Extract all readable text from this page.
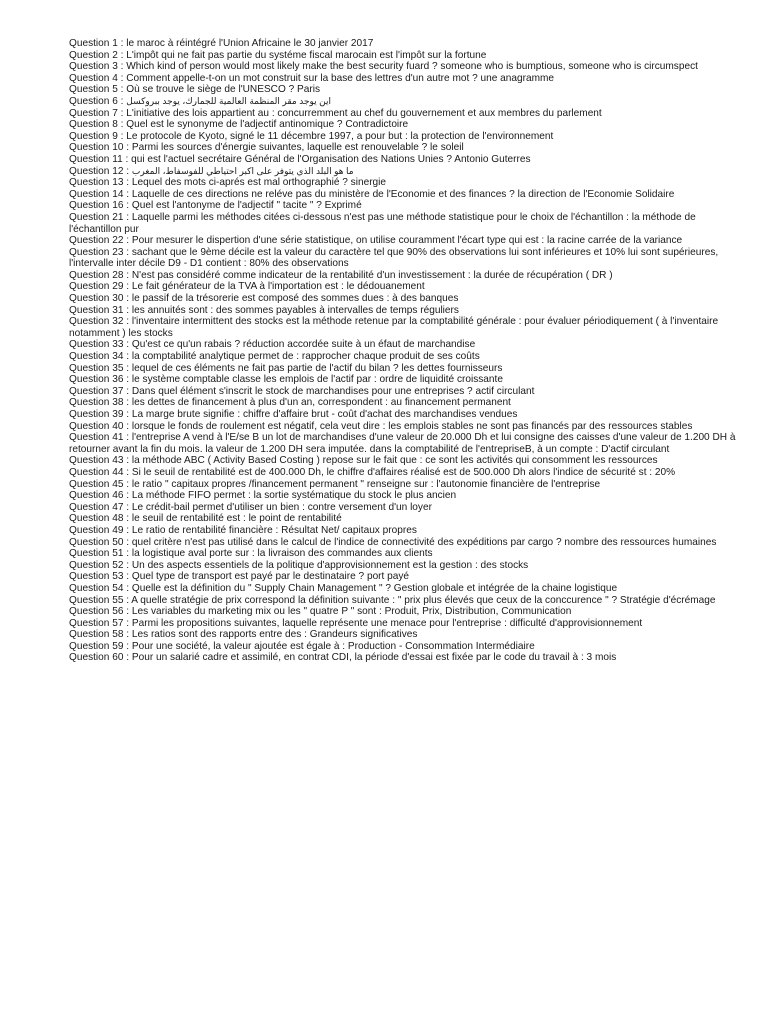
Question 1 : le maroc à réintégré l'Union Africaine le 30 janvier 2017

Question 2 : L'impôt qui ne fait pas partie du systéme fiscal marocain est l'impôt sur la fortune

Question 3 : Which kind of person would most likely make the best security fuard ? someone who is bumptious, someone who is circumspect

Question 4 : Comment appelle-t-on un mot construit sur la base des lettres d'un autre mot ? une anagramme

Question 5 : Où se trouve le siège de l'UNESCO ? Paris

Question 6 : اين يوجد مقر المنظمة العالمية للجمارك، يوجد ببروكسل

Question 7 : L'initiative des lois appartient au : concurremment au chef du gouvernement et aux membres du parlement

Question 8 : Quel est le synonyme de l'adjectif antinomique ? Contradictoire

Question 9 : Le protocole de Kyoto, signé le 11 décembre 1997, a pour but : la protection de l'environnement

Question 10 : Parmi les sources d'énergie suivantes, laquelle est renouvelable ? le soleil

Question 11 : qui est l'actuel secrétaire Général de l'Organisation des Nations Unies ? Antonio Guterres

Question 12 : ما هو البلد الذي يتوفر على اكبر احتياطي للفوسفاط، المغرب

Question 13 : Lequel des mots ci-aprés est mal orthographié ? sinergie

Question 14 : Laquelle de ces directions ne reléve pas du ministère de l'Economie et des finances ? la direction de l'Economie Solidaire

Question 16 : Quel est l'antonyme de l'adjectif " tacite " ? Exprimé

Question 21 : Laquelle parmi les méthodes citées ci-dessous n'est pas une méthode statistique pour le choix de l'échantillon : la méthode de l'échantillon pur

Question 22 : Pour mesurer le dispertion d'une série statistique, on utilise couramment l'écart type qui est : la racine carrée de la variance

Question 23 : sachant que le 9ème décile est la valeur du caractère tel que 90% des observations lui sont inférieures et 10% lui sont supérieures, l'intervalle inter décile D9 - D1 contient : 80% des observations

Question 28 : N'est pas considéré comme indicateur de la rentabilité d'un investissement : la durée de récupération ( DR )

Question 29 : Le fait générateur de la TVA à l'importation est : le dédouanement

Question 30 : le passif de la trésorerie est composé des sommes dues : à des banques

Question 31 : les annuités sont : des sommes payables à intervalles de temps réguliers

Question 32 : l'inventaire intermittent des stocks est la méthode retenue par la comptabilité générale : pour évaluer périodiquement ( à l'inventaire notamment ) les stocks

Question 33 : Qu'est ce qu'un rabais ? réduction accordée suite à un éfaut de marchandise

Question 34 : la comptabilité analytique permet de : rapprocher chaque produit de ses coûts

Question 35 : lequel de ces éléments ne fait pas partie de l'actif du bilan ? les dettes fournisseurs

Question 36 : le système comptable classe les emplois de l'actif par : ordre de liquidité croissante

Question 37 : Dans quel élément s'inscrit le stock de marchandises pour une entreprises ? actif circulant

Question 38 : les dettes de financement à plus d'un an, correspondent : au financement permanent

Question 39 : La marge brute signifie : chiffre d'affaire brut - coût d'achat des marchandises vendues

Question 40 : lorsque le fonds de roulement est négatif, cela veut dire : les emplois stables ne sont pas financés par des ressources stables

Question 41 : l'entreprise A vend à l'E/se B un lot de marchandises d'une valeur de 20.000 Dh et lui consigne des caisses d'une valeur de 1.200 DH à retourner avant la fin du mois. la valeur de 1.200 DH sera imputée. dans la comptabilité de l'entrepriseB, à un compte : D'actif circulant

Question 43 : la méthode ABC ( Activity Based Costing ) repose sur le fait que : ce sont les activités qui consomment les ressources

Question 44 : Si le seuil de rentabilité est de 400.000 Dh, le chiffre d'affaires réalisé est de 500.000 Dh alors l'indice de sécurité st : 20%

Question 45 : le ratio " capitaux propres /financement permanent " renseigne sur : l'autonomie financière de l'entreprise

Question 46 : La méthode FIFO permet : la sortie systématique du stock le plus ancien

Question 47 : Le crédit-bail permet d'utiliser un bien : contre versement d'un loyer

Question 48 : le seuil de rentabilité est : le point de rentabilité

Question 49 : Le ratio de rentabilité financière : Résultat Net/ capitaux propres

Question 50 : quel critère n'est pas utilisé dans le calcul de l'indice de connectivité des expéditions par cargo ? nombre des ressources humaines

Question 51 : la logistique aval porte sur : la livraison des commandes aux clients

Question 52 : Un des aspects essentiels de la politique d'approvisionnement est la gestion : des stocks

Question 53 : Quel type de transport est payé par le destinataire ? port payé

Question 54 : Quelle est la définition du " Supply Chain Management " ? Gestion globale et intégrée de la chaine logistique

Question 55 : A quelle stratégie de prix correspond la définition suivante : " prix plus élevés que ceux de la conccurence " ? Stratégie d'écrémage

Question 56 : Les variables du marketing mix ou les " quatre P " sont : Produit, Prix, Distribution, Communication

Question 57 : Parmi les propositions suivantes, laquelle représente une menace pour l'entreprise : difficulté d'approvisionnement

Question 58 : Les ratios sont des rapports entre des : Grandeurs significatives

Question 59 : Pour une société, la valeur ajoutée est égale à : Production - Consommation Intermédiaire

Question 60 : Pour un salarié cadre et assimilé, en contrat CDI, la période d'essai est fixée par le code du travail à : 3 mois
